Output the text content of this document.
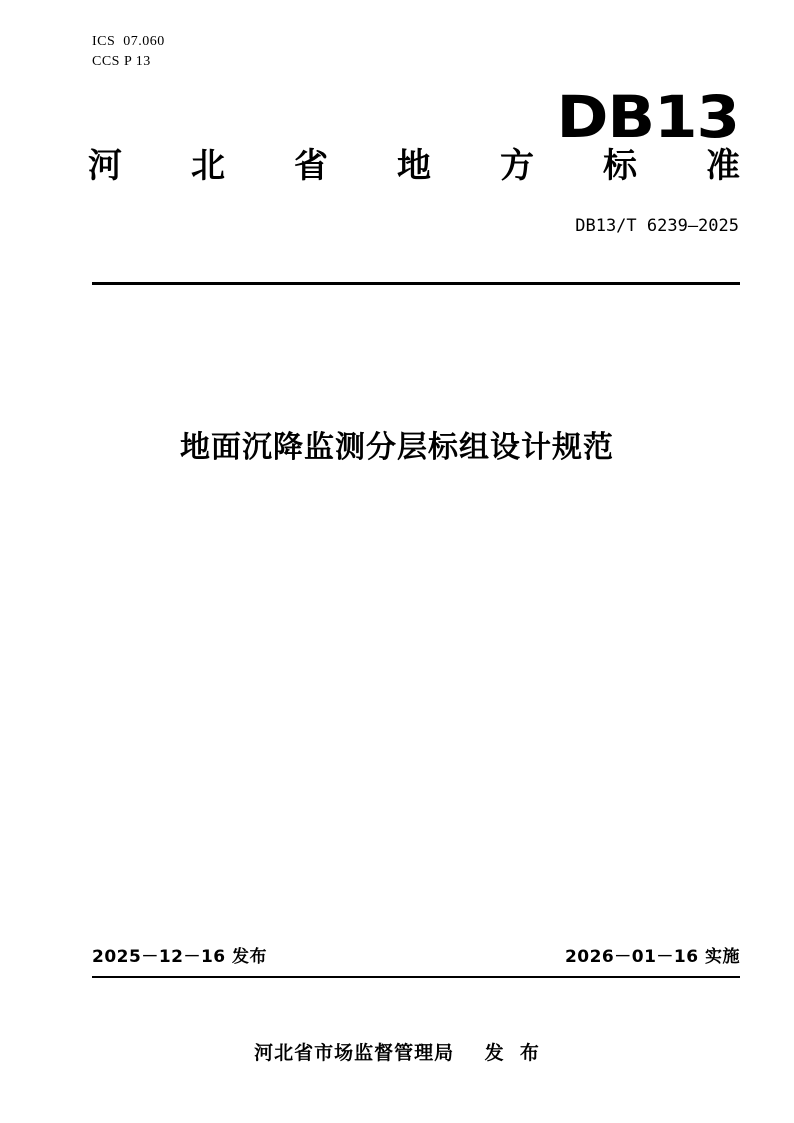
ICS  07.060
CCS P 13
DB13
河 北 省 地 方 标 准
DB13/T 6239—2025
地面沉降监测分层标组设计规范
2025－12－16 发布	2026－01－16 实施
河北省市场监督管理局    发  布
